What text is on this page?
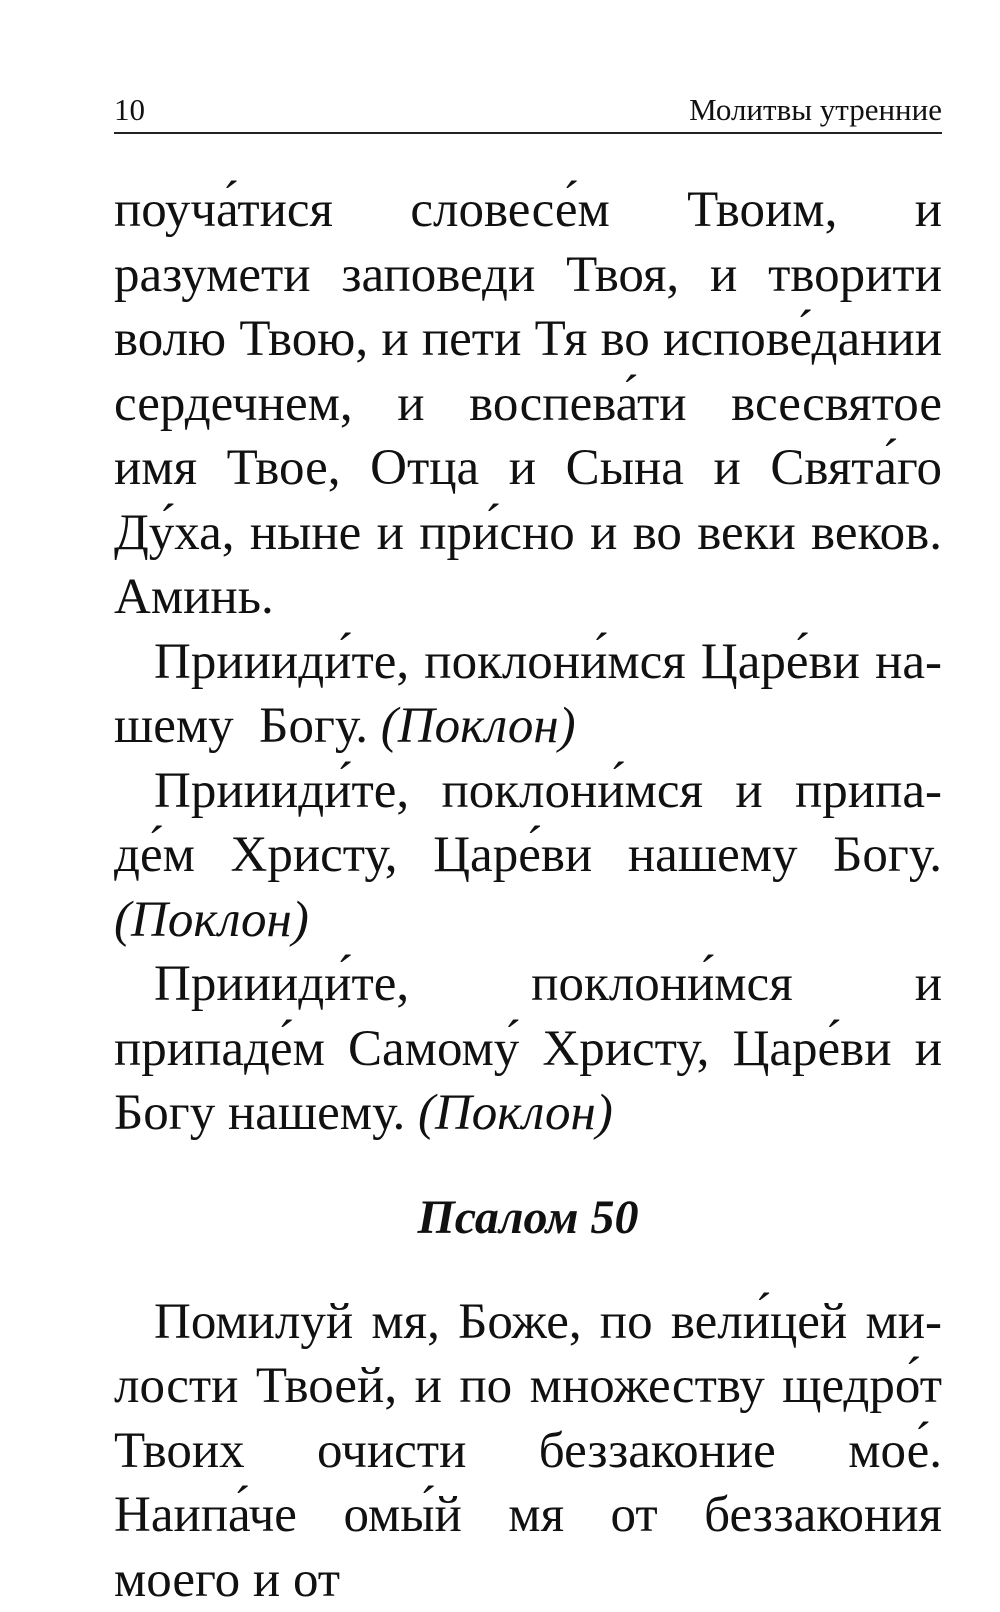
10	Молитвы утренние

поуча́тися словесе́м Твоим, и разумети заповеди Твоя, и творити волю Твою, и пети Тя во испове́дании сердечнем, и воспева́ти всесвятое имя Твое, Отца и Сына и Свята́го Ду́ха, ныне и при́сно и во веки веков. Аминь.

Приииди́те, поклони́мся Царе́ви нашему  Богу. (Поклон)

Приииди́те, поклони́мся и припаде́м Христу, Царе́ви нашему Богу. (Поклон)

Приииди́те, поклони́мся и припаде́м Самому́ Христу, Царе́ви и Богу нашему. (Поклон)

Псалом 50

Помилуй мя, Боже, по вели́цей милости Твоей, и по множеству щедро́т Твоих очисти беззаконие мое́. Наипа́че омы́й мя от беззакония моего и от
